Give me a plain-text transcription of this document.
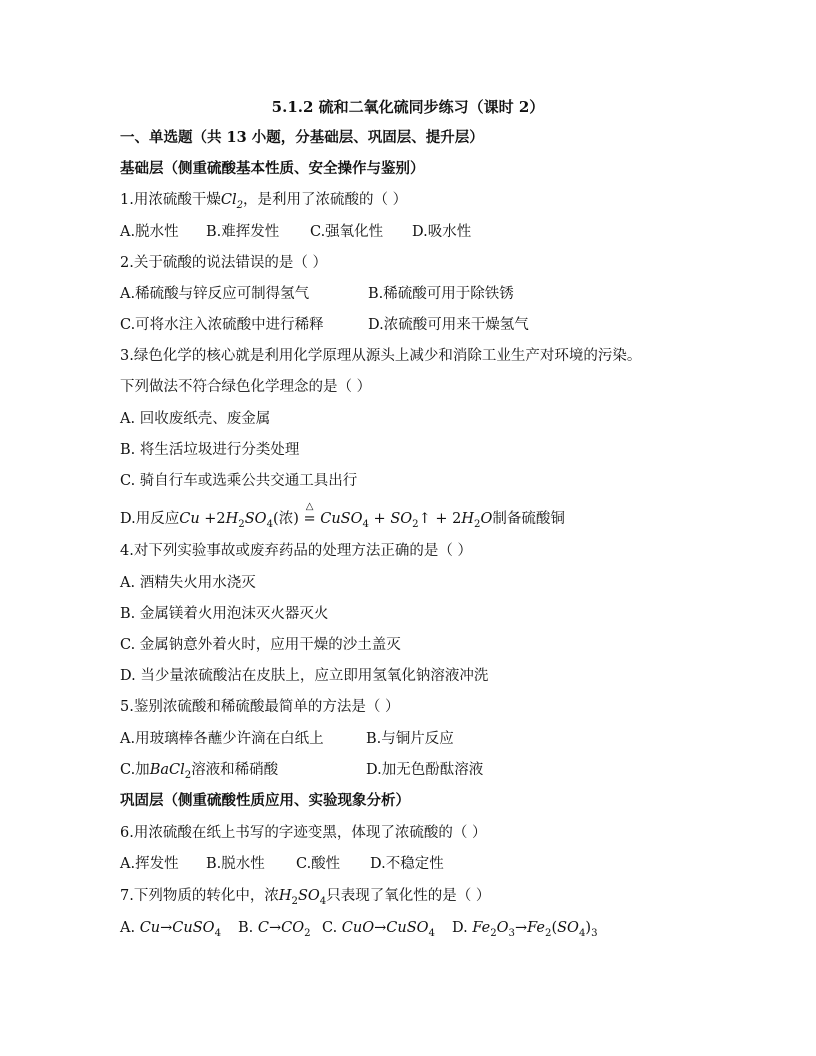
5.1.2 硫和二氧化硫同步练习（课时 2）
一、单选题（共 13 小题，分基础层、巩固层、提升层）
基础层（侧重硫酸基本性质、安全操作与鉴别）
1.用浓硫酸干燥$Cl_2$，是利用了浓硫酸的（ ）
A.脱水性 B.难挥发性 C.强氧化性 D.吸水性
2.关于硫酸的说法错误的是（ ）
A.稀硫酸与锌反应可制得氢气	B.稀硫酸可用于除铁锈
C.可将水注入浓硫酸中进行稀释	D.浓硫酸可用来干燥氢气
3.绿色化学的核心就是利用化学原理从源头上减少和消除工业生产对环境的污染。
下列做法不符合绿色化学理念的是（ ）
A. 回收废纸壳、废金属
B. 将生活垃圾进行分类处理
C. 骑自行车或选乘公共交通工具出行
D.用反应$Cu +2H_2SO_4$(浓)
△
= CuSO$_4$ + $SO_2↑ + 2H_2O$制备硫酸铜
4.对下列实验事故或废弃药品的处理方法正确的是（ ）
A. 酒精失火用水浇灭
B. 金属镁着火用泡沫灭火器灭火
C. 金属钠意外着火时，应用干燥的沙土盖灭
D. 当少量浓硫酸沾在皮肤上，应立即用氢氧化钠溶液冲洗
5.鉴别浓硫酸和稀硫酸最简单的方法是（ ）
A.用玻璃棒各蘸少许滴在白纸上	B.与铜片反应
C.加BaCl$_2$溶液和稀硝酸	D.加无色酚酞溶液
巩固层（侧重硫酸性质应用、实验现象分析）
6.用浓硫酸在纸上书写的字迹变黑，体现了浓硫酸的（ ）
A.挥发性 B.脱水性 C.酸性 D.不稳定性
7.下列物质的转化中，浓$H_2SO_4$只表现了氧化性的是（ ）
A. Cu→CuSO$_4$ B. $C\to CO_2$ C. CuO→CuSO$_4$ D. $Fe_2O_3\to Fe_2(SO_4)_3$
